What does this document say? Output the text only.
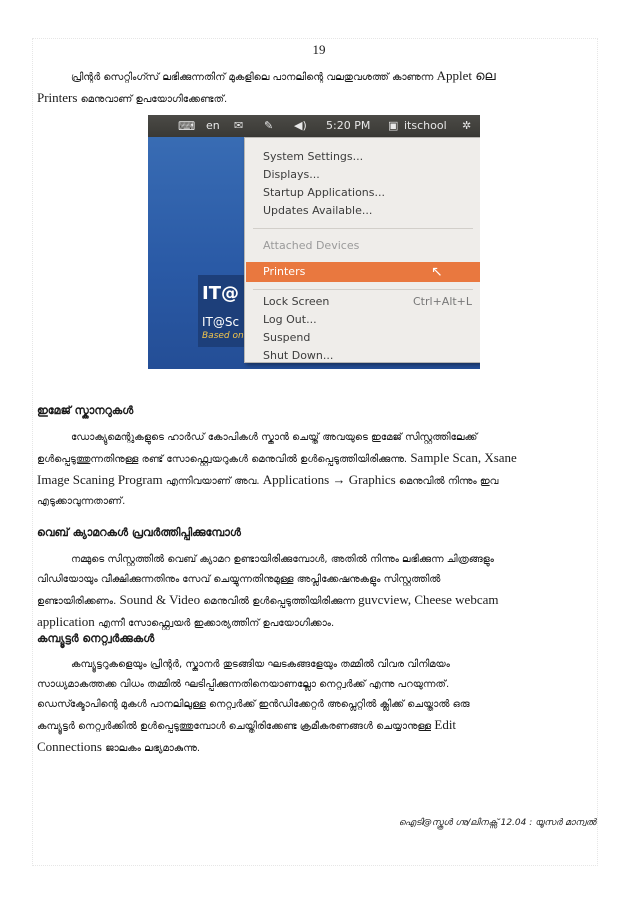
19
പ്രിന്റർ സെറ്റിംഗ്സ് ലഭിക്കുന്നതിന് മുകളിലെ പാനലിന്റെ വലതുവശത്ത് കാണുന്ന Applet ലെ
Printers മെനുവാണ് ഉപയോഗിക്കേണ്ടത്.
⌨ en ✉ ✎ ◀) 5:20 PM ▣ itschool ✲
IT@
IT@Sc
Based on
System Settings...
Displays...
Startup Applications...
Updates Available...
Attached Devices
Printers	↖
Lock Screen	Ctrl+Alt+L
Log Out...
Suspend
Shut Down...
ഇമേജ് സ്കാനറുകൾ
ഡോക്യുമെന്റുകളുടെ ഹാർഡ് കോപികൾ സ്കാൻ ചെയ്ത് അവയുടെ ഇമേജ് സിസ്റ്റത്തിലേക്ക്
ഉൾപ്പെടുത്തുന്നതിനുള്ള രണ്ട് സോഫ്റ്റ്വെയറുകൾ മെനുവിൽ ഉൾപ്പെടുത്തിയിരിക്കുന്നു. Sample Scan, Xsane
Image Scaning Program എന്നിവയാണ് അവ. Applications → Graphics മെനുവിൽ നിന്നും ഇവ
എടുക്കാവുന്നതാണ്.
വെബ് ക്യാമറകൾ പ്രവർത്തിപ്പിക്കുമ്പോൾ
നമ്മുടെ സിസ്റ്റത്തിൽ വെബ് ക്യാമറ ഉണ്ടായിരിക്കുമ്പോൾ, അതിൽ നിന്നും ലഭിക്കുന്ന ചിത്രങ്ങളും
വിഡിയോയും വീക്ഷിക്കുന്നതിനും സേവ് ചെയ്യുന്നതിനുമുള്ള അപ്ലിക്കേഷനുകളും സിസ്റ്റത്തിൽ
ഉണ്ടായിരിക്കണം. Sound & Video മെനുവിൽ ഉൾപ്പെടുത്തിയിരിക്കുന്ന guvcview, Cheese webcam
application എന്നീ സോഫ്റ്റ്വെയർ ഇക്കാര്യത്തിന് ഉപയോഗിക്കാം.
കമ്പ്യൂട്ടർ നെറ്റ്വർക്കുകൾ
കമ്പ്യൂട്ടറുകളെയും പ്രിന്റർ, സ്കാനർ തുടങ്ങിയ ഘടകങ്ങളേയും തമ്മിൽ വിവര വിനിമയം
സാധ്യമാകത്തക്ക വിധം തമ്മിൽ ഘടിപ്പിക്കുന്നതിനെയാണല്ലോ നെറ്റ്വർക്ക് എന്നു പറയുന്നത്.
ഡെസ്ക്ടോപിന്റെ മുകൾ പാനലിലുള്ള നെറ്റ്വർക്ക് ഇൻഡിക്കേറ്റർ അപ്ലെറ്റിൽ ക്ലിക്ക് ചെയ്താൽ ഒരു
കമ്പ്യൂട്ടർ നെറ്റ്വർക്കിൽ ഉൾപ്പെടുത്തുമ്പോൾ ചെയ്തിരിക്കേണ്ട ക്രമീകരണങ്ങൾ ചെയ്യാനുള്ള Edit
Connections ജാലകം ലഭ്യമാകുന്നു.
ഐടി@സ്കൂൾ ഗ്നു/ലിനക്സ് 12.04 : യൂസർ മാന്വൽ
